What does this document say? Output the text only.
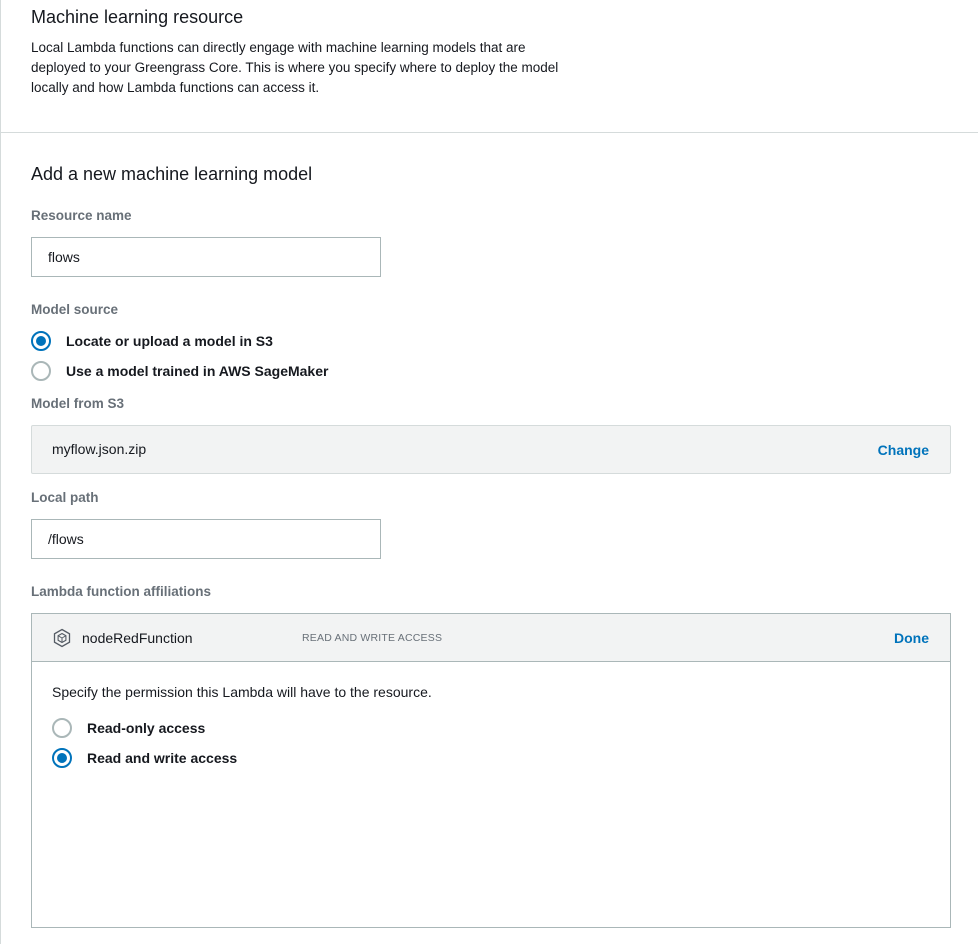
Machine learning resource
Local Lambda functions can directly engage with machine learning models that are deployed to your Greengrass Core. This is where you specify where to deploy the model locally and how Lambda functions can access it.
Add a new machine learning model
Resource name
flows
Model source
Locate or upload a model in S3
Use a model trained in AWS SageMaker
Model from S3
myflow.json.zip	Change
Local path
/flows
Lambda function affiliations
nodeRedFunction	READ AND WRITE ACCESS	Done
Specify the permission this Lambda will have to the resource.
Read-only access
Read and write access
